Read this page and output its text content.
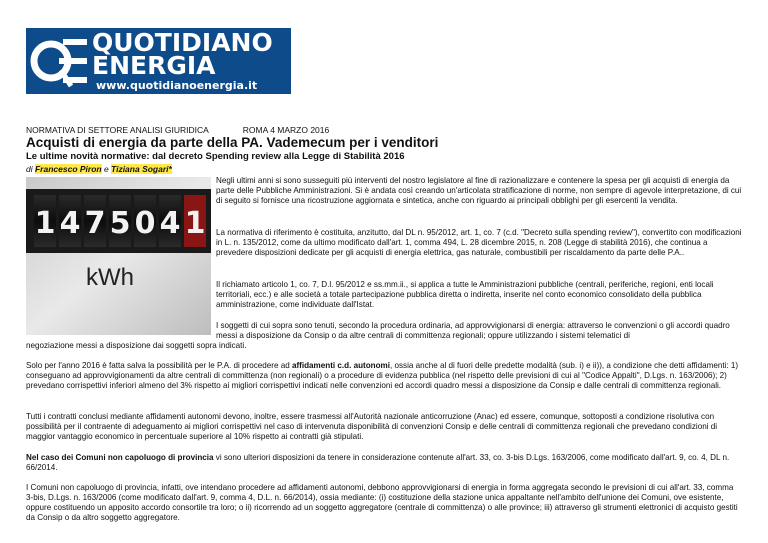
QUOTIDIANO
ENERGIA
www.quotidianoenergia.it
NORMATIVA DI SETTORE ANALISI GIURIDICA	ROMA 4 MARZO 2016
Acquisti di energia da parte della PA. Vademecum per i venditori
Le ultime novità normative: dal decreto Spending review alla Legge di Stabilità 2016
di Francesco Piron e Tiziana Sogari*
1 4 7 5 0 4 1
kWh

Negli ultimi anni si sono susseguiti più interventi del nostro legislatore al fine di razionalizzare e contenere la spesa per gli acquisti di energia da parte delle Pubbliche Amministrazioni. Si è andata così creando un'articolata stratificazione di norme, non sempre di agevole interpretazione, di cui di seguito si fornisce una ricostruzione aggiornata e sintetica, anche con riguardo ai principali obblighi per gli esercenti la vendita.

La normativa di riferimento è costituita, anzitutto, dal DL n. 95/2012, art. 1, co. 7 (c.d. "Decreto sulla spending review"), convertito con modificazioni in L. n. 135/2012, come da ultimo modificato dall'art. 1, comma 494, L. 28 dicembre 2015, n. 208 (Legge di stabilità 2016), che continua a prevedere disposizioni dedicate per gli acquisti di energia elettrica, gas naturale, combustibili per riscaldamento da parte delle P.A..

Il richiamato articolo 1, co. 7, D.l. 95/2012 e ss.mm.ii., si applica a tutte le Amministrazioni pubbliche (centrali, periferiche, regioni, enti locali territoriali, ecc.) e alle società a totale partecipazione pubblica diretta o indiretta, inserite nel conto economico consolidato della pubblica amministrazione, come individuate dall'Istat.

I soggetti di cui sopra sono tenuti, secondo la procedura ordinaria, ad approvvigionarsi di energia: attraverso le convenzioni o gli accordi quadro messi a disposizione da Consip o da altre centrali di committenza regionali; oppure utilizzando i sistemi telematici di

negoziazione messi a disposizione dai soggetti sopra indicati.

Solo per l'anno 2016 è fatta salva la possibilità per le P.A. di procedere ad affidamenti c.d. autonomi, ossia anche al di fuori delle predette modalità (sub. i) e ii)), a condizione che detti affidamenti: 1) conseguano ad approvvigionamenti da altre centrali di committenza (non regionali) o a procedure di evidenza pubblica (nel rispetto delle previsioni di cui al "Codice Appalti", D.Lgs. n. 163/2006); 2) prevedano corrispettivi inferiori almeno del 3% rispetto ai migliori corrispettivi indicati nelle convenzioni ed accordi quadro messi a disposizione da Consip e dalle centrali di committenza regionali.

Tutti i contratti conclusi mediante affidamenti autonomi devono, inoltre, essere trasmessi all'Autorità nazionale anticorruzione (Anac) ed essere, comunque, sottoposti a condizione risolutiva con possibilità per il contraente di adeguamento ai migliori corrispettivi nel caso di intervenuta disponibilità di convenzioni Consip e delle centrali di committenza regionali che prevedano condizioni di maggior vantaggio economico in percentuale superiore al 10% rispetto ai contratti già stipulati.

Nel caso dei Comuni non capoluogo di provincia vi sono ulteriori disposizioni da tenere in considerazione contenute all'art. 33, co. 3-bis D.Lgs. 163/2006, come modificato dall'art. 9, co. 4, DL n. 66/2014.

I Comuni non capoluogo di provincia, infatti, ove intendano procedere ad affidamenti autonomi, debbono approvvigionarsi di energia in forma aggregata secondo le previsioni di cui all'art. 33, comma 3-bis, D.Lgs. n. 163/2006 (come modificato dall'art. 9, comma 4, D.L. n. 66/2014), ossia mediante: (i) costituzione della stazione unica appaltante nell'ambito dell'unione dei Comuni, ove esistente, oppure costituendo un apposito accordo consortile tra loro; o ii) ricorrendo ad un soggetto aggregatore (centrale di committenza) o alle province; iii) attraverso gli strumenti elettronici di acquisto gestiti da Consip o da altro soggetto aggregatore.
